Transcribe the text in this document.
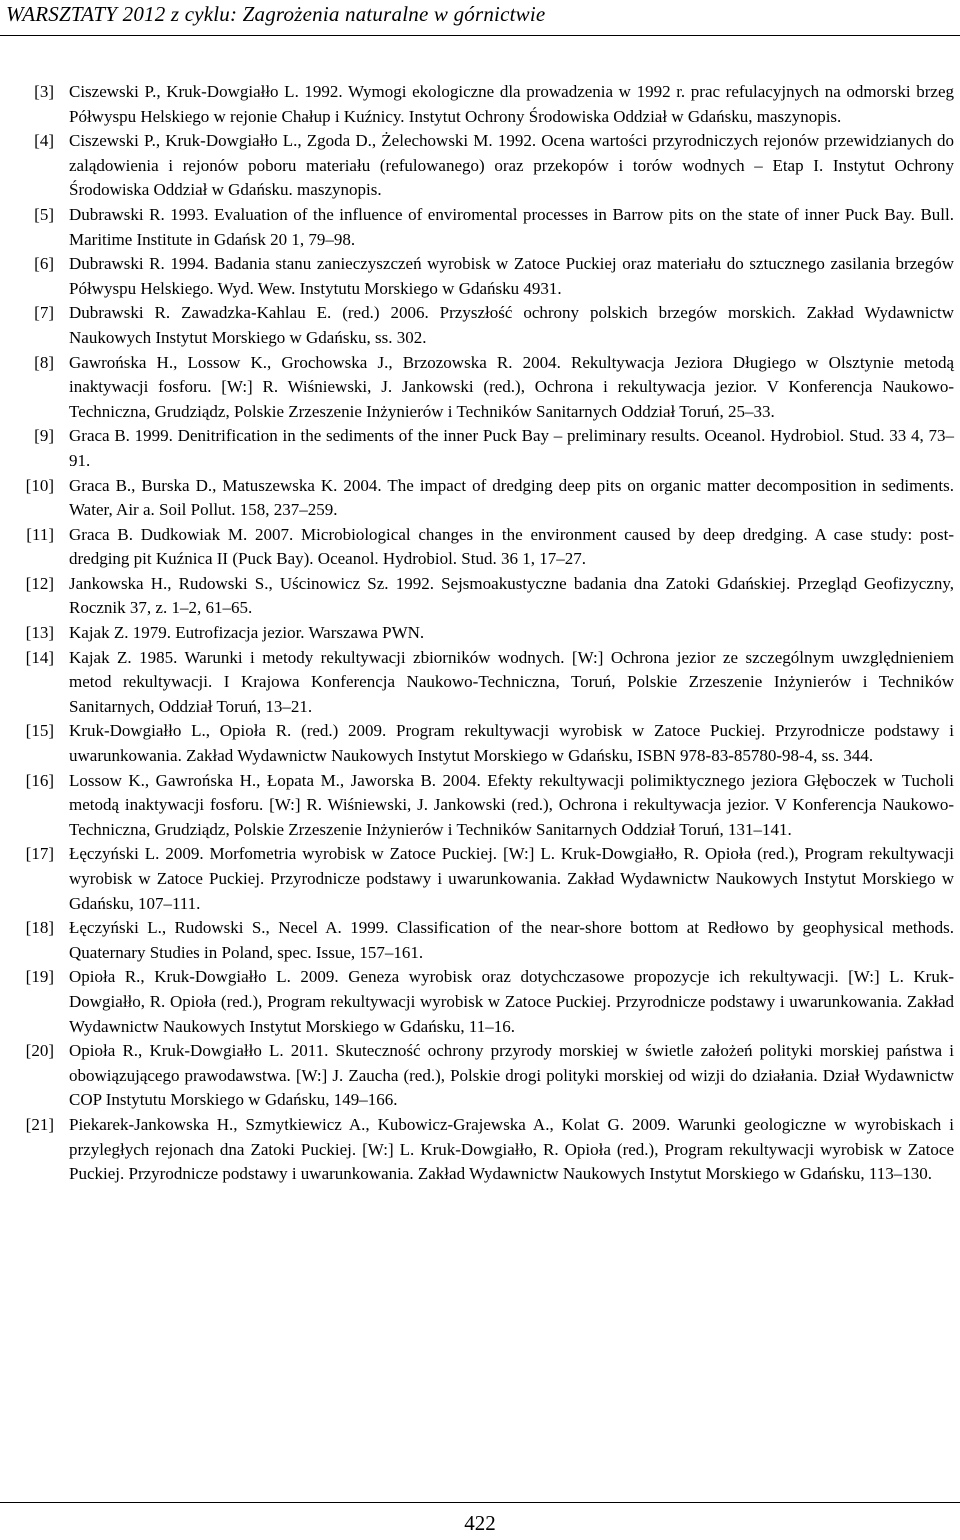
WARSZTATY 2012 z cyklu: Zagrożenia naturalne w górnictwie
[3] Ciszewski P., Kruk-Dowgiałło L. 1992. Wymogi ekologiczne dla prowadzenia w 1992 r. prac refulacyjnych na odmorski brzeg Półwyspu Helskiego w rejonie Chałup i Kuźnicy. Instytut Ochrony Środowiska Oddział w Gdańsku, maszynopis.
[4] Ciszewski P., Kruk-Dowgiałło L., Zgoda D., Żelechowski M. 1992. Ocena wartości przyrodniczych rejonów przewidzianych do zalądowienia i rejonów poboru materiału (refulowanego) oraz przekopów i torów wodnych – Etap I. Instytut Ochrony Środowiska Oddział w Gdańsku. maszynopis.
[5] Dubrawski R. 1993. Evaluation of the influence of enviromental processes in Barrow pits on the state of inner Puck Bay. Bull. Maritime Institute in Gdańsk 20 1, 79–98.
[6] Dubrawski R. 1994. Badania stanu zanieczyszczeń wyrobisk w Zatoce Puckiej oraz materiału do sztucznego zasilania brzegów Półwyspu Helskiego. Wyd. Wew. Instytutu Morskiego w Gdańsku 4931.
[7] Dubrawski R. Zawadzka-Kahlau E. (red.) 2006. Przyszłość ochrony polskich brzegów morskich. Zakład Wydawnictw Naukowych Instytut Morskiego w Gdańsku, ss. 302.
[8] Gawrońska H., Lossow K., Grochowska J., Brzozowska R. 2004. Rekultywacja Jeziora Długiego w Olsztynie metodą inaktywacji fosforu. [W:] R. Wiśniewski, J. Jankowski (red.), Ochrona i rekultywacja jezior. V Konferencja Naukowo-Techniczna, Grudziądz, Polskie Zrzeszenie Inżynierów i Techników Sanitarnych Oddział Toruń, 25–33.
[9] Graca B. 1999. Denitrification in the sediments of the inner Puck Bay – preliminary results. Oceanol. Hydrobiol. Stud. 33 4, 73–91.
[10] Graca B., Burska D., Matuszewska K. 2004. The impact of dredging deep pits on organic matter decomposition in sediments. Water, Air a. Soil Pollut. 158, 237–259.
[11] Graca B. Dudkowiak M. 2007. Microbiological changes in the environment caused by deep dredging. A case study: post-dredging pit Kuźnica II (Puck Bay). Oceanol. Hydrobiol. Stud. 36 1, 17–27.
[12] Jankowska H., Rudowski S., Uścinowicz Sz. 1992. Sejsmoakustyczne badania dna Zatoki Gdańskiej. Przegląd Geofizyczny, Rocznik 37, z. 1–2, 61–65.
[13] Kajak Z. 1979. Eutrofizacja jezior. Warszawa PWN.
[14] Kajak Z. 1985. Warunki i metody rekultywacji zbiorników wodnych. [W:] Ochrona jezior ze szczególnym uwzględnieniem metod rekultywacji. I Krajowa Konferencja Naukowo-Techniczna, Toruń, Polskie Zrzeszenie Inżynierów i Techników Sanitarnych, Oddział Toruń, 13–21.
[15] Kruk-Dowgiałło L., Opioła R. (red.) 2009. Program rekultywacji wyrobisk w Zatoce Puckiej. Przyrodnicze podstawy i uwarunkowania. Zakład Wydawnictw Naukowych Instytut Morskiego w Gdańsku, ISBN 978-83-85780-98-4, ss. 344.
[16] Lossow K., Gawrońska H., Łopata M., Jaworska B. 2004. Efekty rekultywacji polimiktycznego jeziora Głęboczek w Tucholi metodą inaktywacji fosforu. [W:] R. Wiśniewski, J. Jankowski (red.), Ochrona i rekultywacja jezior. V Konferencja Naukowo-Techniczna, Grudziądz, Polskie Zrzeszenie Inżynierów i Techników Sanitarnych Oddział Toruń, 131–141.
[17] Łęczyński L. 2009. Morfometria wyrobisk w Zatoce Puckiej. [W:] L. Kruk-Dowgiałło, R. Opioła (red.), Program rekultywacji wyrobisk w Zatoce Puckiej. Przyrodnicze podstawy i uwarunkowania. Zakład Wydawnictw Naukowych Instytut Morskiego w Gdańsku, 107–111.
[18] Łęczyński L., Rudowski S., Necel A. 1999. Classification of the near-shore bottom at Redłowo by geophysical methods. Quaternary Studies in Poland, spec. Issue, 157–161.
[19] Opioła R., Kruk-Dowgiałło L. 2009. Geneza wyrobisk oraz dotychczasowe propozycje ich rekultywacji. [W:] L. Kruk-Dowgiałło, R. Opioła (red.), Program rekultywacji wyrobisk w Zatoce Puckiej. Przyrodnicze podstawy i uwarunkowania. Zakład Wydawnictw Naukowych Instytut Morskiego w Gdańsku, 11–16.
[20] Opioła R., Kruk-Dowgiałło L. 2011. Skuteczność ochrony przyrody morskiej w świetle założeń polityki morskiej państwa i obowiązującego prawodawstwa. [W:] J. Zaucha (red.), Polskie drogi polityki morskiej od wizji do działania. Dział Wydawnictw COP Instytutu Morskiego w Gdańsku, 149–166.
[21] Piekarek-Jankowska H., Szmytkiewicz A., Kubowicz-Grajewska A., Kolat G. 2009. Warunki geologiczne w wyrobiskach i przyległych rejonach dna Zatoki Puckiej. [W:] L. Kruk-Dowgiałło, R. Opioła (red.), Program rekultywacji wyrobisk w Zatoce Puckiej. Przyrodnicze podstawy i uwarunkowania. Zakład Wydawnictw Naukowych Instytut Morskiego w Gdańsku, 113–130.
422
